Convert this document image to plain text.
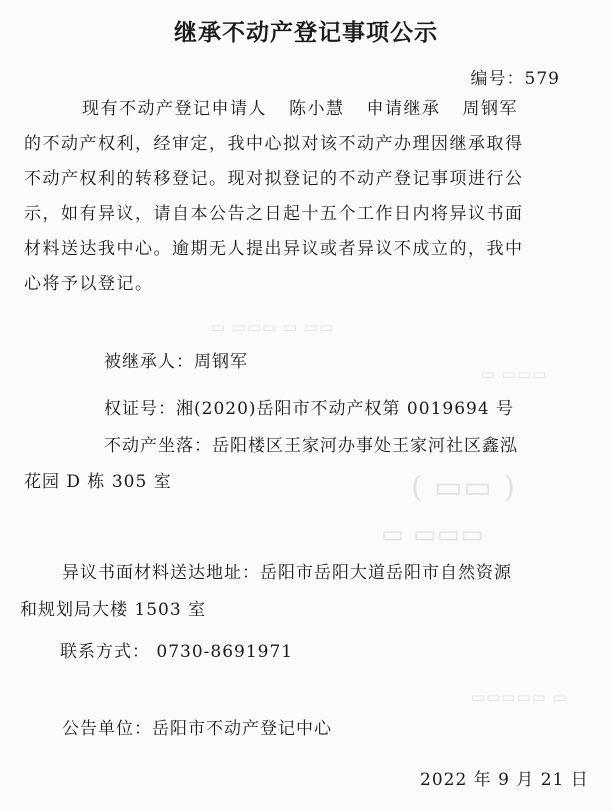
▭▭ ▭ ▭▭▭ ▭
▭▭▭ ▭
( ▭▭ )
▭▭▭ ▭
▭ ▭▭▭▭▭
继承不动产登记事项公示
编号：579
现有不动产登记申请人 陈小慧 申请继承 周钢军
的不动产权利，经审定，我中心拟对该不动产办理因继承取得
不动产权利的转移登记。现对拟登记的不动产登记事项进行公
示，如有异议，请自本公告之日起十五个工作日内将异议书面
材料送达我中心。逾期无人提出异议或者异议不成立的，我中
心将予以登记。
被继承人：周钢军
权证号：湘(2020)岳阳市不动产权第 0019694 号
不动产坐落：岳阳楼区王家河办事处王家河社区鑫泓
花园 D 栋 305 室
异议书面材料送达地址：岳阳市岳阳大道岳阳市自然资源
和规划局大楼 1503 室
联系方式： 0730-8691971
公告单位：岳阳市不动产登记中心
2022 年 9 月 21 日
